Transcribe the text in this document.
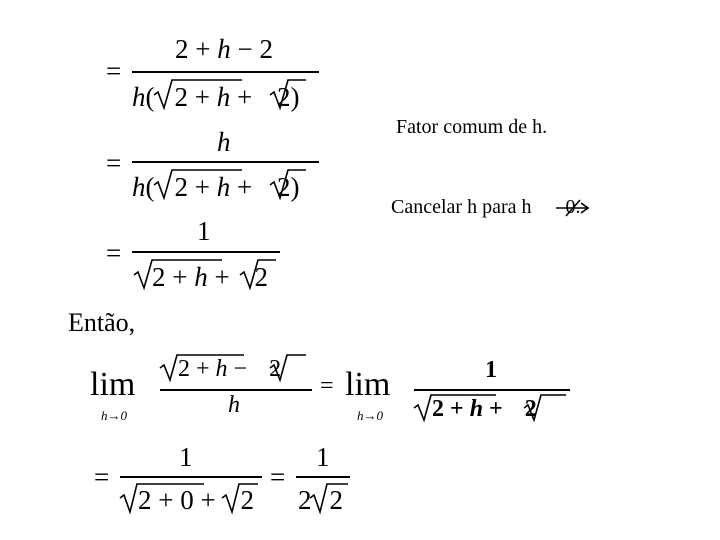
=
2 + h − 2
h( 2 + h + 2)
=
h
h( 2 + h + 2)
=
1
2 + h + 2
Fator comum de h.
Cancelar h para h 0.
Então,
lim
h→0
2 + h − 2
h
= lim
h→0
1
2 + h + 2
=
1
2 + 0 + 2
=
1
2 2
